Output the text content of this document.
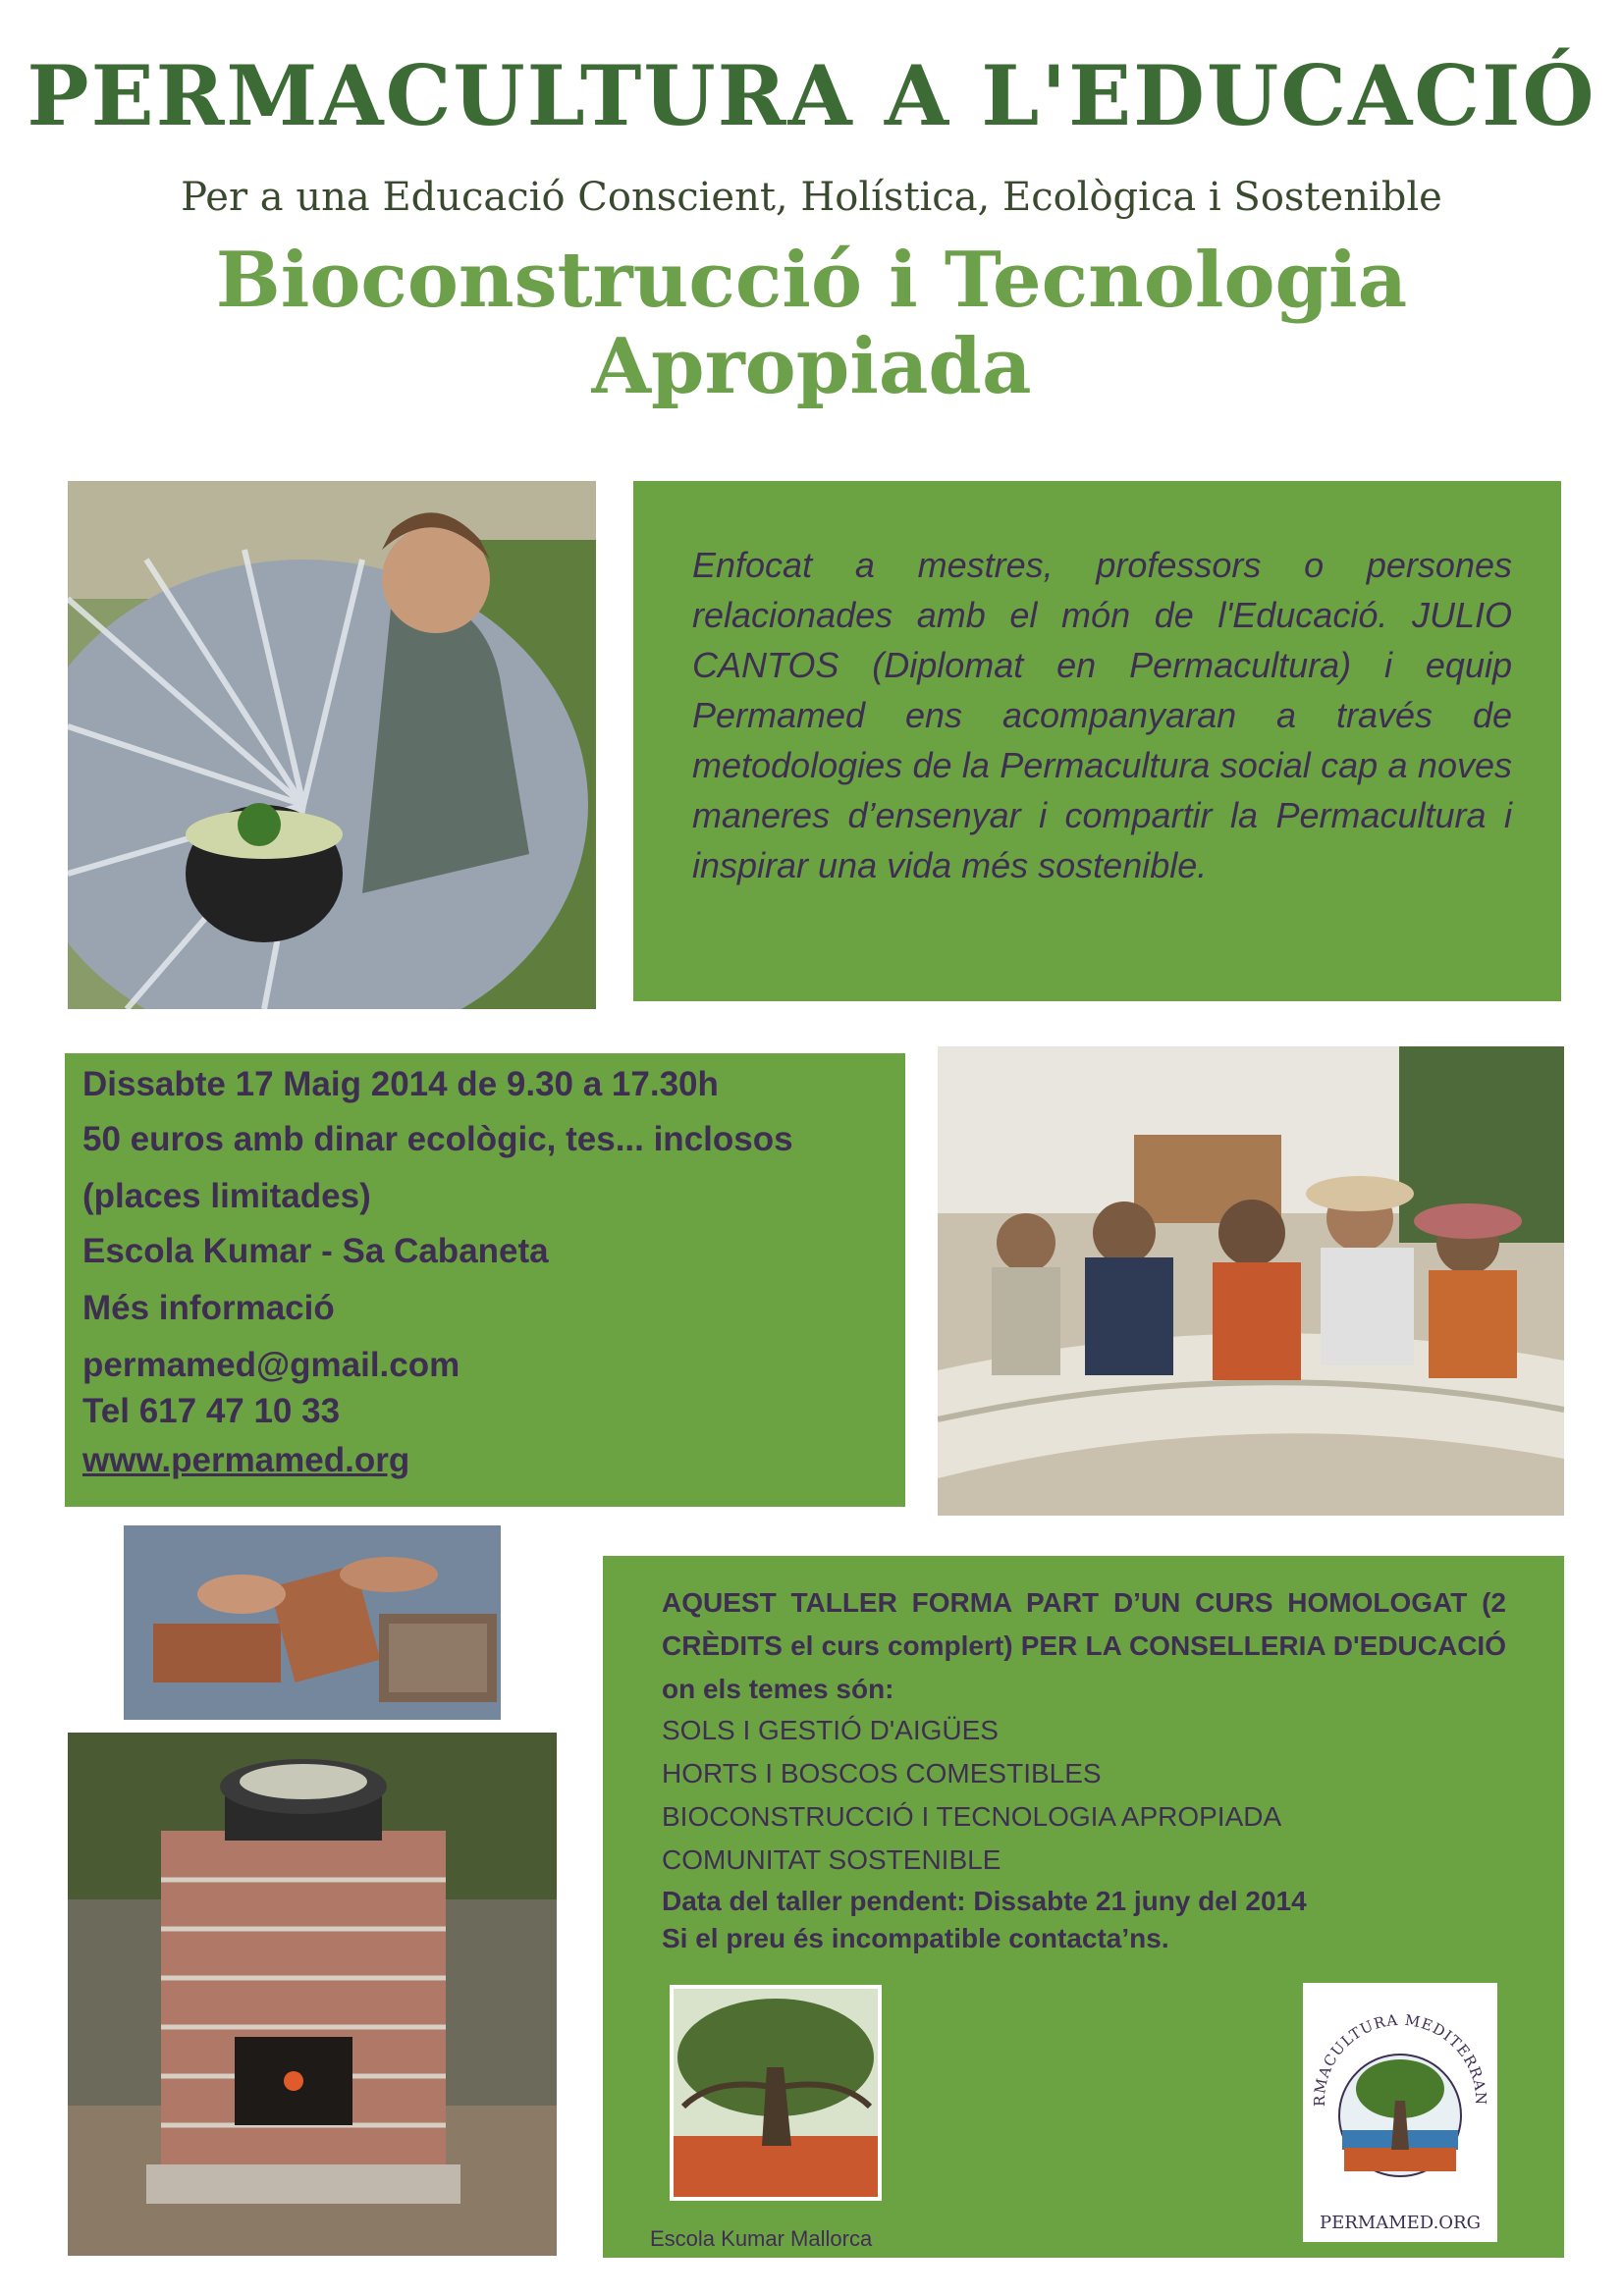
PERMACULTURA A L'EDUCACIÓ
Per a una Educació Conscient, Holística, Ecològica i Sostenible
Bioconstrucció i Tecnologia
Apropiada
Enfocat a mestres, professors o persones relacionades amb el món de l'Educació. JULIO CANTOS (Diplomat en Permacultura) i equip Permamed ens acompanyaran a través de metodologies de la Permacultura social cap a noves maneres d’ensenyar i compartir la Permacultura i inspirar una vida més sostenible.
Dissabte 17 Maig 2014 de 9.30 a 17.30h
50 euros amb dinar ecològic, tes... inclosos
(places limitades)
Escola Kumar - Sa Cabaneta
Més informació
permamed@gmail.com
Tel 617 47 10 33
www.permamed.org
AQUEST TALLER FORMA PART D’UN CURS HOMOLOGAT (2 CRÈDITS el curs complert) PER LA CONSELLERIA D'EDUCACIÓ on els temes són:
SOLS I GESTIÓ D'AIGÜES
HORTS I BOSCOS COMESTIBLES
BIOCONSTRUCCIÓ I TECNOLOGIA APROPIADA
COMUNITAT SOSTENIBLE
Data del taller pendent: Dissabte 21 juny del 2014
Si el preu és incompatible contacta’ns.
RMACULTURA MEDITERRAN
PERMAMED.ORG
Escola Kumar Mallorca
